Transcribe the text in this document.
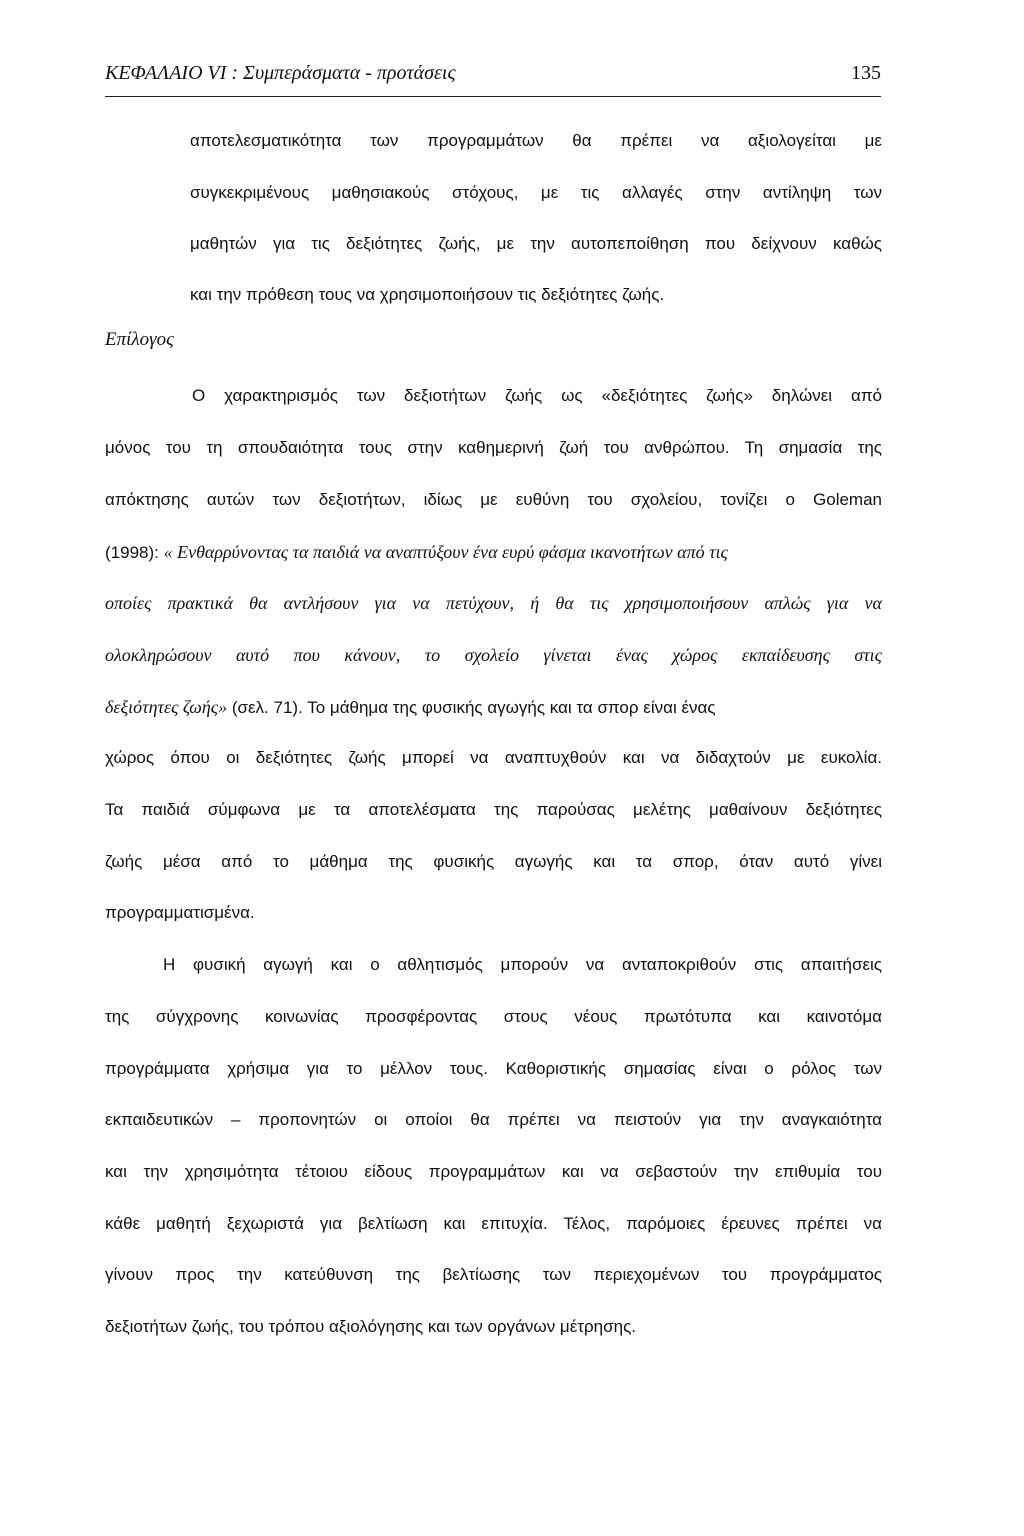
ΚΕΦΑΛΑΙΟ VI : Συμπεράσματα - προτάσεις	135
αποτελεσματικότητα των προγραμμάτων θα πρέπει να αξιολογείται με
συγκεκριμένους μαθησιακούς στόχους, με τις αλλαγές στην αντίληψη των
μαθητών για τις δεξιότητες ζωής, με την αυτοπεποίθηση που δείχνουν καθώς
και την πρόθεση τους να χρησιμοποιήσουν τις δεξιότητες ζωής.
Επίλογος
Ο χαρακτηρισμός των δεξιοτήτων ζωής ως «δεξιότητες ζωής» δηλώνει από
μόνος του τη σπουδαιότητα τους στην καθημερινή ζωή του ανθρώπου. Τη σημασία της
απόκτησης αυτών των δεξιοτήτων, ιδίως με ευθύνη του σχολείου, τονίζει ο Goleman
(1998): « Ενθαρρύνοντας τα παιδιά να αναπτύξουν ένα ευρύ φάσμα ικανοτήτων από τις
οποίες πρακτικά θα αντλήσουν για να πετύχουν, ή θα τις χρησιμοποιήσουν απλώς για να
ολοκληρώσουν αυτό που κάνουν, το σχολείο γίνεται ένας χώρος εκπαίδευσης στις
δεξιότητες ζωής» (σελ. 71). Το μάθημα της φυσικής αγωγής και τα σπορ είναι ένας
χώρος όπου οι δεξιότητες ζωής μπορεί να αναπτυχθούν και να διδαχτούν με ευκολία.
Τα παιδιά σύμφωνα με τα αποτελέσματα της παρούσας μελέτης μαθαίνουν δεξιότητες
ζωής μέσα από το μάθημα της φυσικής αγωγής και τα σπορ, όταν αυτό γίνει
προγραμματισμένα.
Η φυσική αγωγή και ο αθλητισμός μπορούν να ανταποκριθούν στις απαιτήσεις
της σύγχρονης κοινωνίας προσφέροντας στους νέους πρωτότυπα και καινοτόμα
προγράμματα χρήσιμα για το μέλλον τους. Καθοριστικής σημασίας είναι ο ρόλος των
εκπαιδευτικών – προπονητών οι οποίοι θα πρέπει να πειστούν για την αναγκαιότητα
και την χρησιμότητα τέτοιου είδους προγραμμάτων και να σεβαστούν την επιθυμία του
κάθε μαθητή ξεχωριστά για βελτίωση και επιτυχία. Τέλος, παρόμοιες έρευνες πρέπει να
γίνουν προς την κατεύθυνση της βελτίωσης των περιεχομένων του προγράμματος
δεξιοτήτων ζωής, του τρόπου αξιολόγησης και των οργάνων μέτρησης.
